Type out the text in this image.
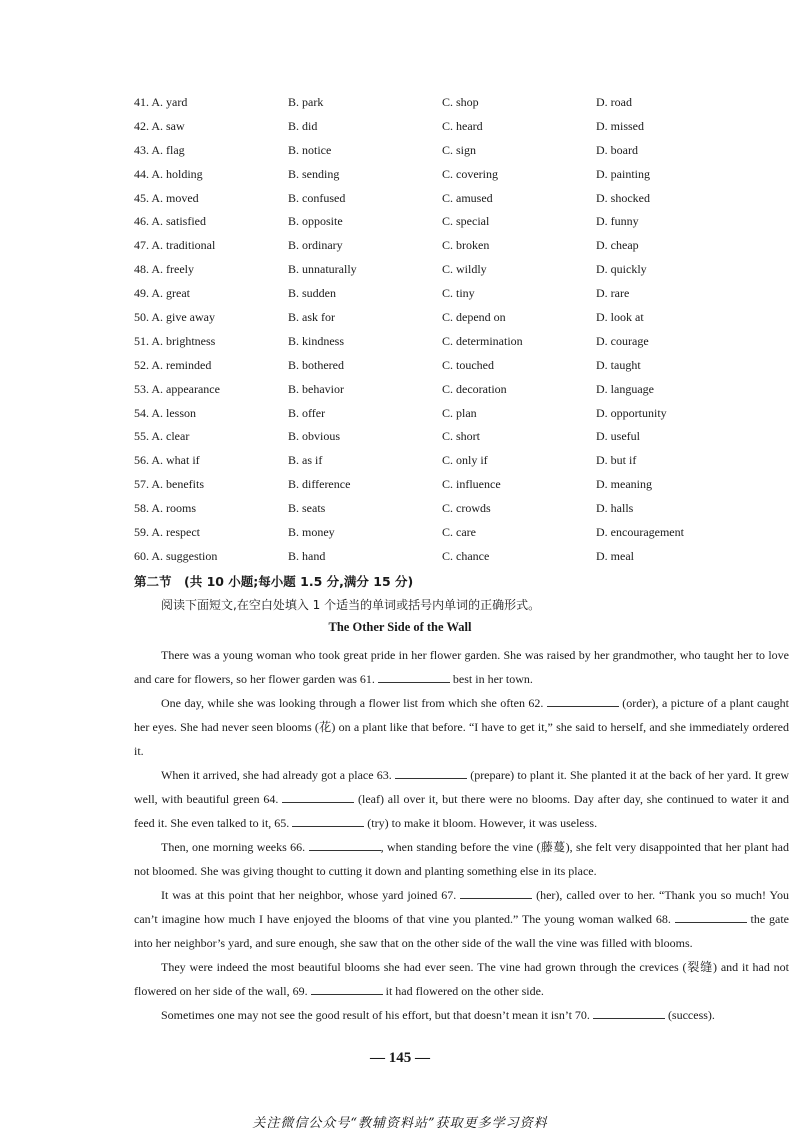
41. A. yard	B. park	C. shop	D. road
42. A. saw	B. did	C. heard	D. missed
43. A. flag	B. notice	C. sign	D. board
44. A. holding	B. sending	C. covering	D. painting
45. A. moved	B. confused	C. amused	D. shocked
46. A. satisfied	B. opposite	C. special	D. funny
47. A. traditional	B. ordinary	C. broken	D. cheap
48. A. freely	B. unnaturally	C. wildly	D. quickly
49. A. great	B. sudden	C. tiny	D. rare
50. A. give away	B. ask for	C. depend on	D. look at
51. A. brightness	B. kindness	C. determination	D. courage
52. A. reminded	B. bothered	C. touched	D. taught
53. A. appearance	B. behavior	C. decoration	D. language
54. A. lesson	B. offer	C. plan	D. opportunity
55. A. clear	B. obvious	C. short	D. useful
56. A. what if	B. as if	C. only if	D. but if
57. A. benefits	B. difference	C. influence	D. meaning
58. A. rooms	B. seats	C. crowds	D. halls
59. A. respect	B. money	C. care	D. encouragement
60. A. suggestion	B. hand	C. chance	D. meal
第二节　(共 10 小题;每小题 1.5 分,满分 15 分)
阅读下面短文,在空白处填入 1 个适当的单词或括号内单词的正确形式。
The Other Side of the Wall

There was a young woman who took great pride in her flower garden. She was raised by her grandmother, who taught her to love and care for flowers, so her flower garden was 61.	best in her town.

One day, while she was looking through a flower list from which she often 62.	(order), a picture of a plant caught her eyes. She had never seen blooms (花) on a plant like that before. “I have to get it,” she said to herself, and she immediately ordered it.

When it arrived, she had already got a place 63.	(prepare) to plant it. She planted it at the back of her yard. It grew well, with beautiful green 64.	(leaf) all over it, but there were no blooms. Day after day, she continued to water it and feed it. She even talked to it, 65.	(try) to make it bloom. However, it was useless.

Then, one morning weeks 66.	, when standing before the vine (藤蔓), she felt very disappointed that her plant had not bloomed. She was giving thought to cutting it down and planting something else in its place.

It was at this point that her neighbor, whose yard joined 67.	(her), called over to her. “Thank you so much! You can’t imagine how much I have enjoyed the blooms of that vine you planted.” The young woman walked 68.	the gate into her neighbor’s yard, and sure enough, she saw that on the other side of the wall the vine was filled with blooms.

They were indeed the most beautiful blooms she had ever seen. The vine had grown through the crevices (裂缝) and it had not flowered on her side of the wall, 69.	it had flowered on the other side.

Sometimes one may not see the good result of his effort, but that doesn’t mean it isn’t 70.	(success).

— 145 —
关注微信公众号“教辅资料站”获取更多学习资料
